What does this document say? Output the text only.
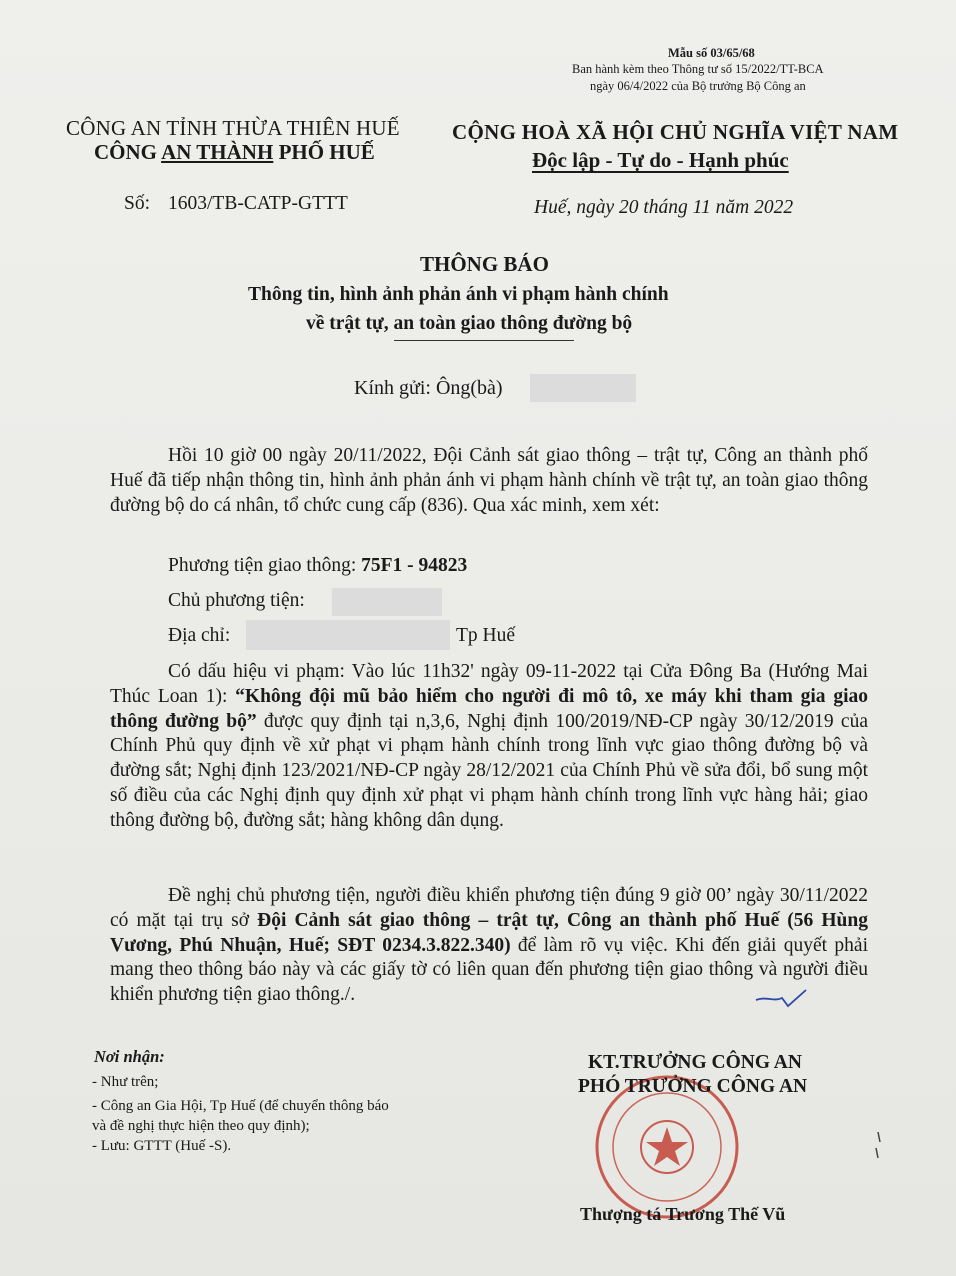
Mẫu số 03/65/68
Ban hành kèm theo Thông tư số 15/2022/TT-BCA
ngày 06/4/2022 của Bộ trưởng Bộ Công an
CÔNG AN TỈNH THỪA THIÊN HUẾ
CÔNG AN THÀNH PHỐ HUẾ
CỘNG HOÀ XÃ HỘI CHỦ NGHĨA VIỆT NAM
Độc lập - Tự do - Hạnh phúc
Số: 1603/TB-CATP-GTTT	Huế, ngày 20 tháng 11 năm 2022
THÔNG BÁO
Thông tin, hình ảnh phản ánh vi phạm hành chính
về trật tự, an toàn giao thông đường bộ
Kính gửi: Ông(bà)
Hồi 10 giờ 00 ngày 20/11/2022, Đội Cảnh sát giao thông – trật tự, Công an thành phố Huế đã tiếp nhận thông tin, hình ảnh phản ánh vi phạm hành chính về trật tự, an toàn giao thông đường bộ do cá nhân, tổ chức cung cấp (836). Qua xác minh, xem xét:
Phương tiện giao thông: 75F1 - 94823
Chủ phương tiện:
Địa chỉ:	Tp Huế
Có dấu hiệu vi phạm: Vào lúc 11h32' ngày 09-11-2022 tại Cửa Đông Ba (Hướng Mai Thúc Loan 1): “Không đội mũ bảo hiểm cho người đi mô tô, xe máy khi tham gia giao thông đường bộ” được quy định tại n,3,6, Nghị định 100/2019/NĐ-CP ngày 30/12/2019 của Chính Phủ quy định về xử phạt vi phạm hành chính trong lĩnh vực giao thông đường bộ và đường sắt; Nghị định 123/2021/NĐ-CP ngày 28/12/2021 của Chính Phủ về sửa đổi, bổ sung một số điều của các Nghị định quy định xử phạt vi phạm hành chính trong lĩnh vực hàng hải; giao thông đường bộ, đường sắt; hàng không dân dụng.
Đề nghị chủ phương tiện, người điều khiển phương tiện đúng 9 giờ 00’ ngày 30/11/2022 có mặt tại trụ sở Đội Cảnh sát giao thông – trật tự, Công an thành phố Huế (56 Hùng Vương, Phú Nhuận, Huế; SĐT 0234.3.822.340) để làm rõ vụ việc. Khi đến giải quyết phải mang theo thông báo này và các giấy tờ có liên quan đến phương tiện giao thông và người điều khiển phương tiện giao thông./.
Nơi nhận:
- Như trên;
- Công an Gia Hội, Tp Huế (để chuyển thông báo
và đề nghị thực hiện theo quy định);
- Lưu: GTTT (Huế -S).
KT.TRƯỞNG CÔNG AN
PHÓ TRƯỞNG CÔNG AN
Thượng tá Trương Thế Vũ
